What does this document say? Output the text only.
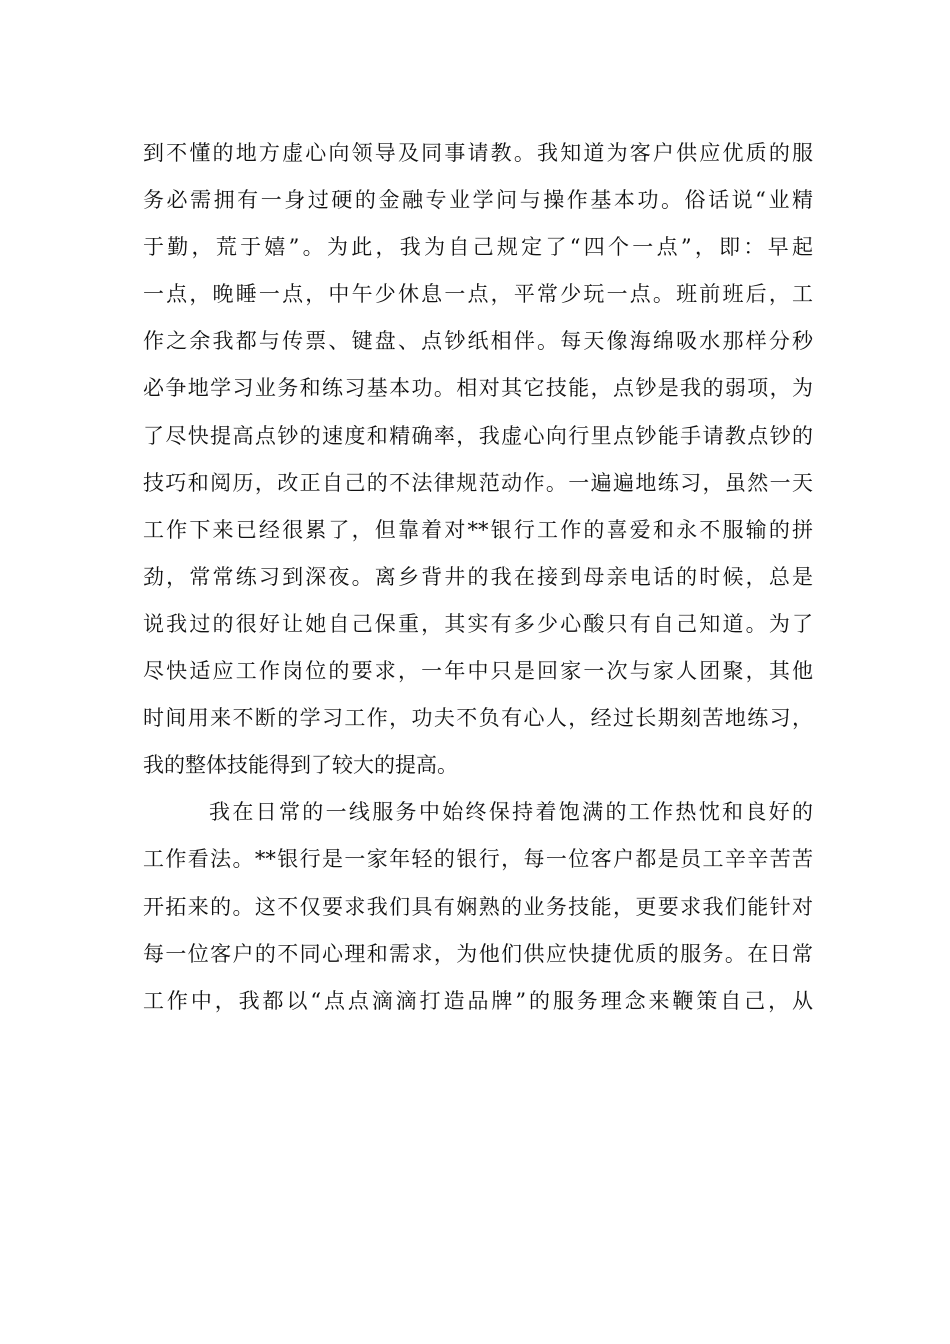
到不懂的地方虚心向领导及同事请教。我知道为客户供应优质的服
务必需拥有一身过硬的金融专业学问与操作基本功。俗话说“业精
于勤，荒于嬉”。为此，我为自己规定了“四个一点”，即：早起
一点，晚睡一点，中午少休息一点，平常少玩一点。班前班后，工
作之余我都与传票、键盘、点钞纸相伴。每天像海绵吸水那样分秒
必争地学习业务和练习基本功。相对其它技能，点钞是我的弱项，为
了尽快提高点钞的速度和精确率，我虚心向行里点钞能手请教点钞的
技巧和阅历，改正自己的不法律规范动作。一遍遍地练习，虽然一天
工作下来已经很累了，但靠着对**银行工作的喜爱和永不服输的拼
劲，常常练习到深夜。离乡背井的我在接到母亲电话的时候，总是
说我过的很好让她自己保重，其实有多少心酸只有自己知道。为了
尽快适应工作岗位的要求，一年中只是回家一次与家人团聚，其他
时间用来不断的学习工作，功夫不负有心人，经过长期刻苦地练习，
我的整体技能得到了较大的提高。
我在日常的一线服务中始终保持着饱满的工作热忱和良好的
工作看法。**银行是一家年轻的银行，每一位客户都是员工辛辛苦苦
开拓来的。这不仅要求我们具有娴熟的业务技能，更要求我们能针对
每一位客户的不同心理和需求，为他们供应快捷优质的服务。在日常
工作中，我都以“点点滴滴打造品牌”的服务理念来鞭策自己，从
